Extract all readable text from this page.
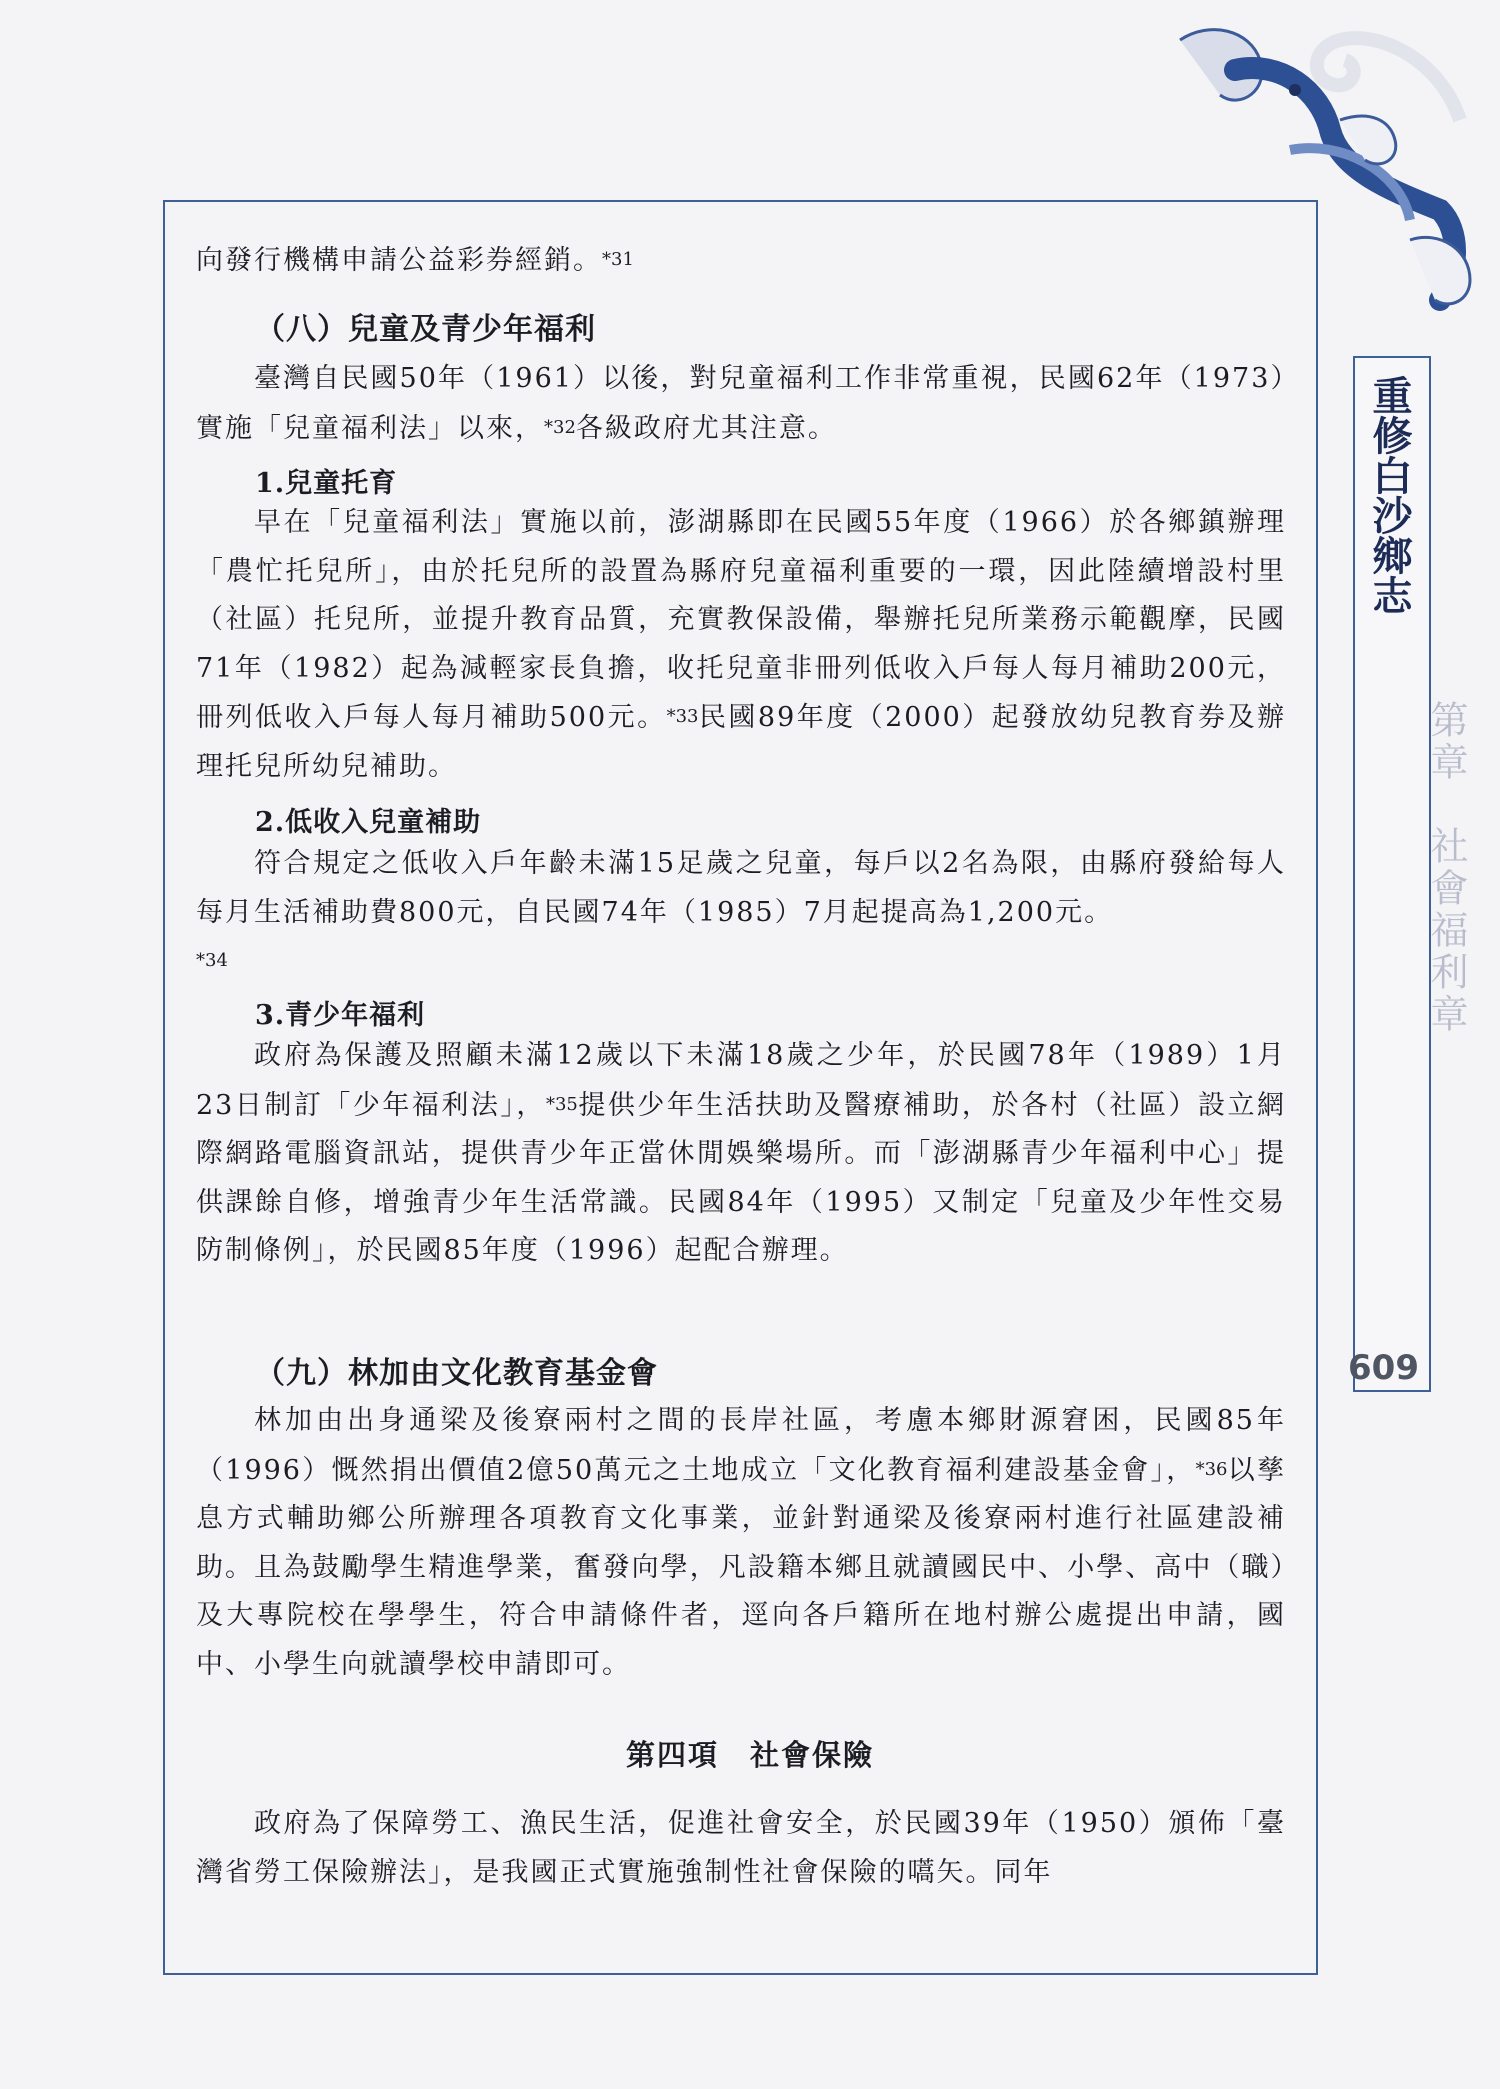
向發行機構申請公益彩券經銷。$^{*31}$

（八）兒童及青少年福利

臺灣自民國50年（1961）以後，對兒童福利工作非常重視，民國62年（1973）實施「兒童福利法」以來，$^{*32}$各級政府尤其注意。

1.兒童托育

早在「兒童福利法」實施以前，澎湖縣即在民國55年度（1966）於各鄉鎮辦理「農忙托兒所」，由於托兒所的設置為縣府兒童福利重要的一環，因此陸續增設村里（社區）托兒所，並提升教育品質，充實教保設備，舉辦托兒所業務示範觀摩，民國71年（1982）起為減輕家長負擔，收托兒童非冊列低收入戶每人每月補助200元，冊列低收入戶每人每月補助500元。$^{*33}$民國89年度（2000）起發放幼兒教育券及辦理托兒所幼兒補助。

2.低收入兒童補助

符合規定之低收入戶年齡未滿15足歲之兒童，每戶以2名為限，由縣府發給每人每月生活補助費800元，自民國74年（1985）7月起提高為1,200元。
$^{*34}$

3.青少年福利

政府為保護及照顧未滿12歲以下未滿18歲之少年，於民國78年（1989）1月23日制訂「少年福利法」，$^{*35}$提供少年生活扶助及醫療補助，於各村（社區）設立網際網路電腦資訊站，提供青少年正當休閒娛樂場所。而「澎湖縣青少年福利中心」提供課餘自修，增強青少年生活常識。民國84年（1995）又制定「兒童及少年性交易防制條例」，於民國85年度（1996）起配合辦理。

（九）林加由文化教育基金會

林加由出身通梁及後寮兩村之間的長岸社區，考慮本鄉財源窘困，民國85年（1996）慨然捐出價值2億50萬元之土地成立「文化教育福利建設基金會」，$^{*36}$以孳息方式輔助鄉公所辦理各項教育文化事業，並針對通梁及後寮兩村進行社區建設補助。且為鼓勵學生精進學業，奮發向學，凡設籍本鄉且就讀國民中、小學、高中（職）及大專院校在學學生，符合申請條件者，逕向各戶籍所在地村辦公處提出申請，國中、小學生向就讀學校申請即可。

第四項　社會保險

政府為了保障勞工、漁民生活，促進社會安全，於民國39年（1950）頒佈「臺灣省勞工保險辦法」，是我國正式實施強制性社會保險的嚆矢。同年

重修白沙鄉志
第章　社會福利章
609
